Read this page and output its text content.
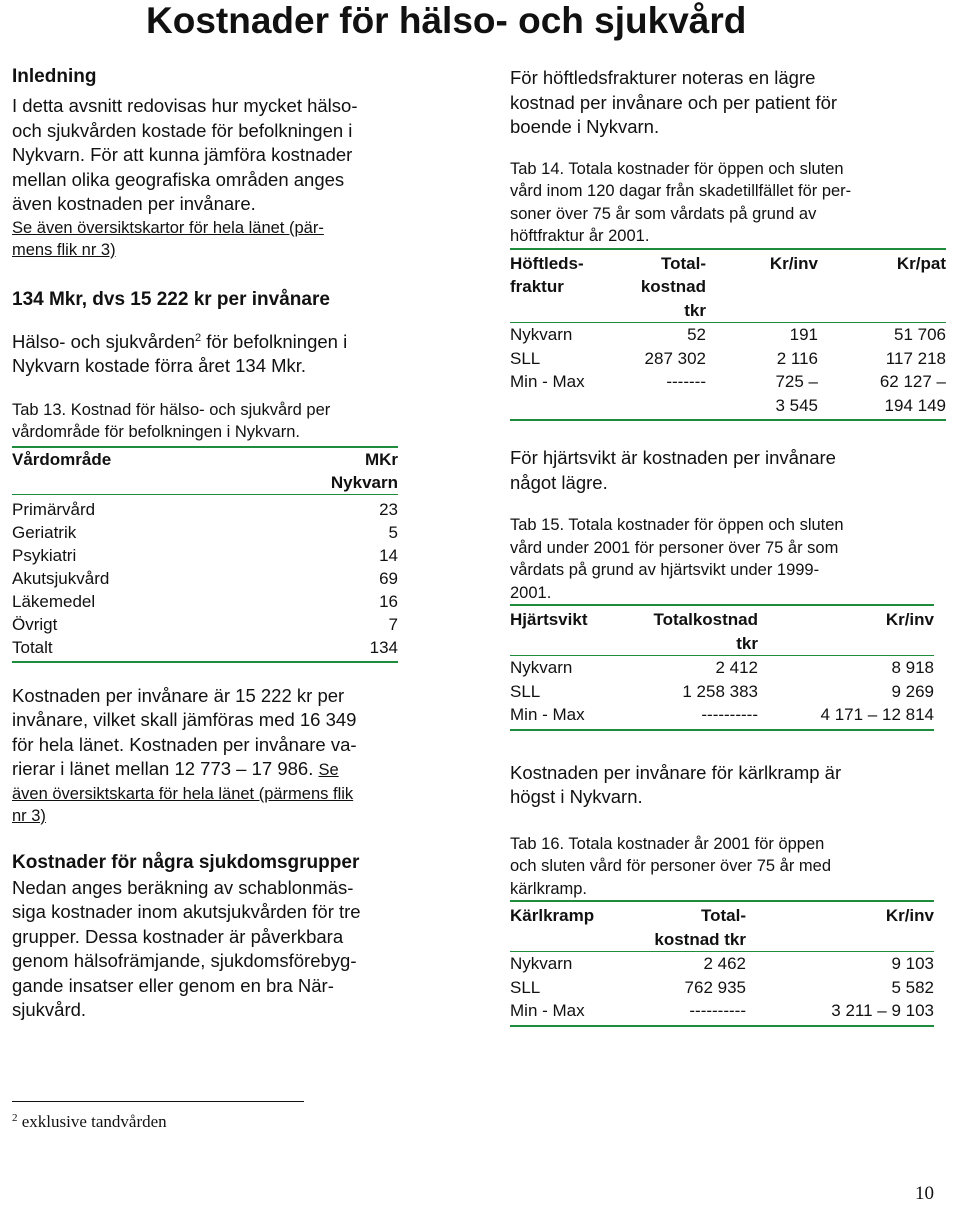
Kostnader för hälso- och sjukvård
Inledning
I detta avsnitt redovisas hur mycket hälso-
och sjukvården kostade för befolkningen i
Nykvarn. För att kunna jämföra kostnader
mellan olika geografiska områden anges
även kostnaden per invånare.
Se även översiktskartor för hela länet (pär-
mens flik nr 3)
134 Mkr, dvs 15 222 kr per invånare
Hälso- och sjukvården$^2$ för befolkningen i
Nykvarn kostade förra året 134 Mkr.
Tab 13. Kostnad för hälso- och sjukvård per
vårdområde för befolkningen i Nykvarn.
Vårdområde	MKr
	Nykvarn
Primärvård	23
Geriatrik	5
Psykiatri	14
Akutsjukvård	69
Läkemedel	16
Övrigt	7
Totalt	134
Kostnaden per invånare är 15 222 kr per
invånare, vilket skall jämföras med 16 349
för hela länet. Kostnaden per invånare va-
rierar i länet mellan 12 773 – 17 986. Se
även översiktskarta för hela länet (pärmens flik
nr 3)
Kostnader för några sjukdomsgrupper
Nedan anges beräkning av schablonmäs-
siga kostnader inom akutsjukvården för tre
grupper. Dessa kostnader är påverkbara
genom hälsofrämjande, sjukdomsförebyg-
gande insatser eller genom en bra När-
sjukvård.
För höftledsfrakturer noteras en lägre
kostnad per invånare och per patient för
boende i Nykvarn.
Tab 14. Totala kostnader för öppen och sluten
vård inom 120 dagar från skadetillfället för per-
soner över 75 år som vårdats på grund av
höftfraktur år 2001.
Höftleds-	Total-	Kr/inv	Kr/pat
fraktur	kostnad		
	tkr		
Nykvarn	52	191	51 706
SLL	287 302	2 116	117 218
Min - Max	-------	725 –	62 127 –
		3 545	194 149
För hjärtsvikt är kostnaden per invånare
något lägre.
Tab 15. Totala kostnader för öppen och sluten
vård under 2001 för personer över 75 år som
vårdats på grund av hjärtsvikt under 1999-
2001.
Hjärtsvikt	Totalkostnad	Kr/inv
	tkr	
Nykvarn	2 412	8 918
SLL	1 258 383	9 269
Min - Max	----------	4 171 – 12 814
Kostnaden per invånare för kärlkramp är
högst i Nykvarn.
Tab 16. Totala kostnader år 2001 för öppen
och sluten vård för personer över 75 år med
kärlkramp.
Kärlkramp	Total-	Kr/inv
	kostnad tkr	
Nykvarn	2 462	9 103
SLL	762 935	5 582
Min - Max	----------	3 211 – 9 103
$^2$ exklusive tandvården
10
